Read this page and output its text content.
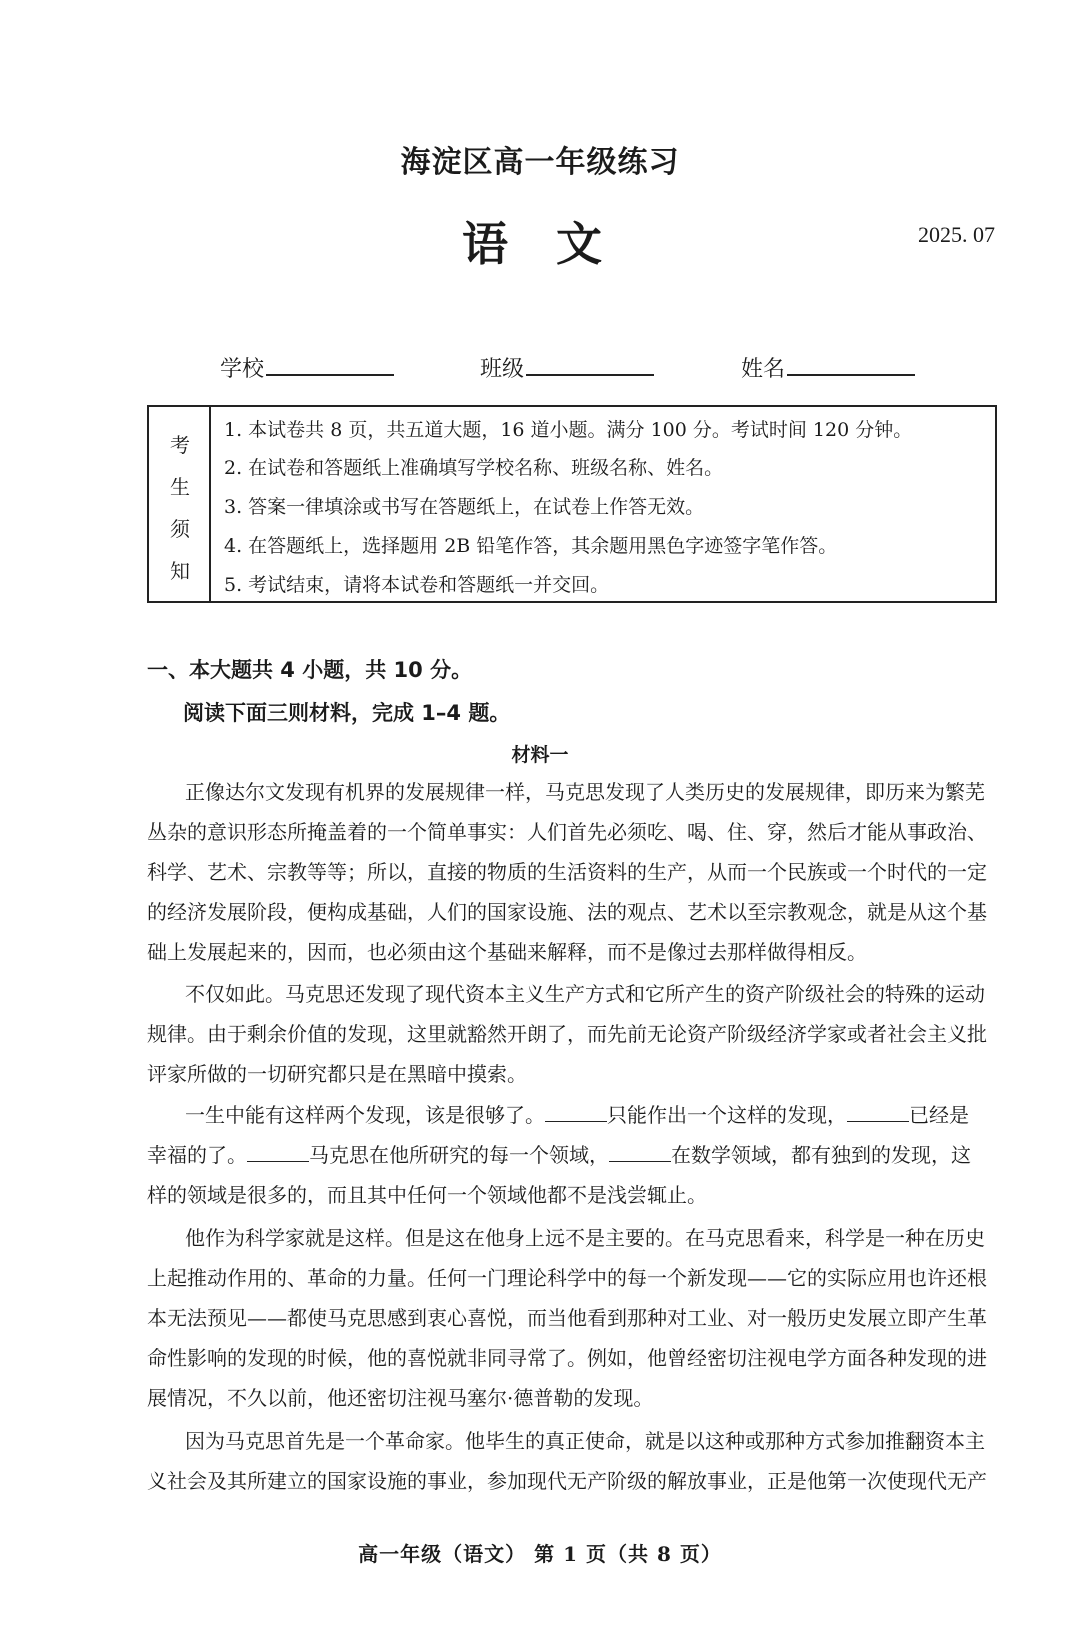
海淀区高一年级练习
语 文	2025. 07
学校	班级	姓名
考
生
须
知
1. 本试卷共 8 页，共五道大题，16 道小题。满分 100 分。考试时间 120 分钟。
2. 在试卷和答题纸上准确填写学校名称、班级名称、姓名。
3. 答案一律填涂或书写在答题纸上，在试卷上作答无效。
4. 在答题纸上，选择题用 2B 铅笔作答，其余题用黑色字迹签字笔作答。
5. 考试结束，请将本试卷和答题纸一并交回。
一、本大题共 4 小题，共 10 分。
阅读下面三则材料，完成 1–4 题。
材料一
正像达尔文发现有机界的发展规律一样，马克思发现了人类历史的发展规律，即历来为繁芜
丛杂的意识形态所掩盖着的一个简单事实：人们首先必须吃、喝、住、穿，然后才能从事政治、
科学、艺术、宗教等等；所以，直接的物质的生活资料的生产，从而一个民族或一个时代的一定
的经济发展阶段，便构成基础，人们的国家设施、法的观点、艺术以至宗教观念，就是从这个基
础上发展起来的，因而，也必须由这个基础来解释，而不是像过去那样做得相反。
不仅如此。马克思还发现了现代资本主义生产方式和它所产生的资产阶级社会的特殊的运动
规律。由于剩余价值的发现，这里就豁然开朗了，而先前无论资产阶级经济学家或者社会主义批
评家所做的一切研究都只是在黑暗中摸索。
一生中能有这样两个发现，该是很够了。	只能作出一个这样的发现，	已经是
幸福的了。	马克思在他所研究的每一个领域，	在数学领域，都有独到的发现，这
样的领域是很多的，而且其中任何一个领域他都不是浅尝辄止。
他作为科学家就是这样。但是这在他身上远不是主要的。在马克思看来，科学是一种在历史
上起推动作用的、革命的力量。任何一门理论科学中的每一个新发现——它的实际应用也许还根
本无法预见——都使马克思感到衷心喜悦，而当他看到那种对工业、对一般历史发展立即产生革
命性影响的发现的时候，他的喜悦就非同寻常了。例如，他曾经密切注视电学方面各种发现的进
展情况，不久以前，他还密切注视马塞尔·德普勒的发现。
因为马克思首先是一个革命家。他毕生的真正使命，就是以这种或那种方式参加推翻资本主
义社会及其所建立的国家设施的事业，参加现代无产阶级的解放事业，正是他第一次使现代无产
高一年级（语文） 第 1 页（共 8 页）
